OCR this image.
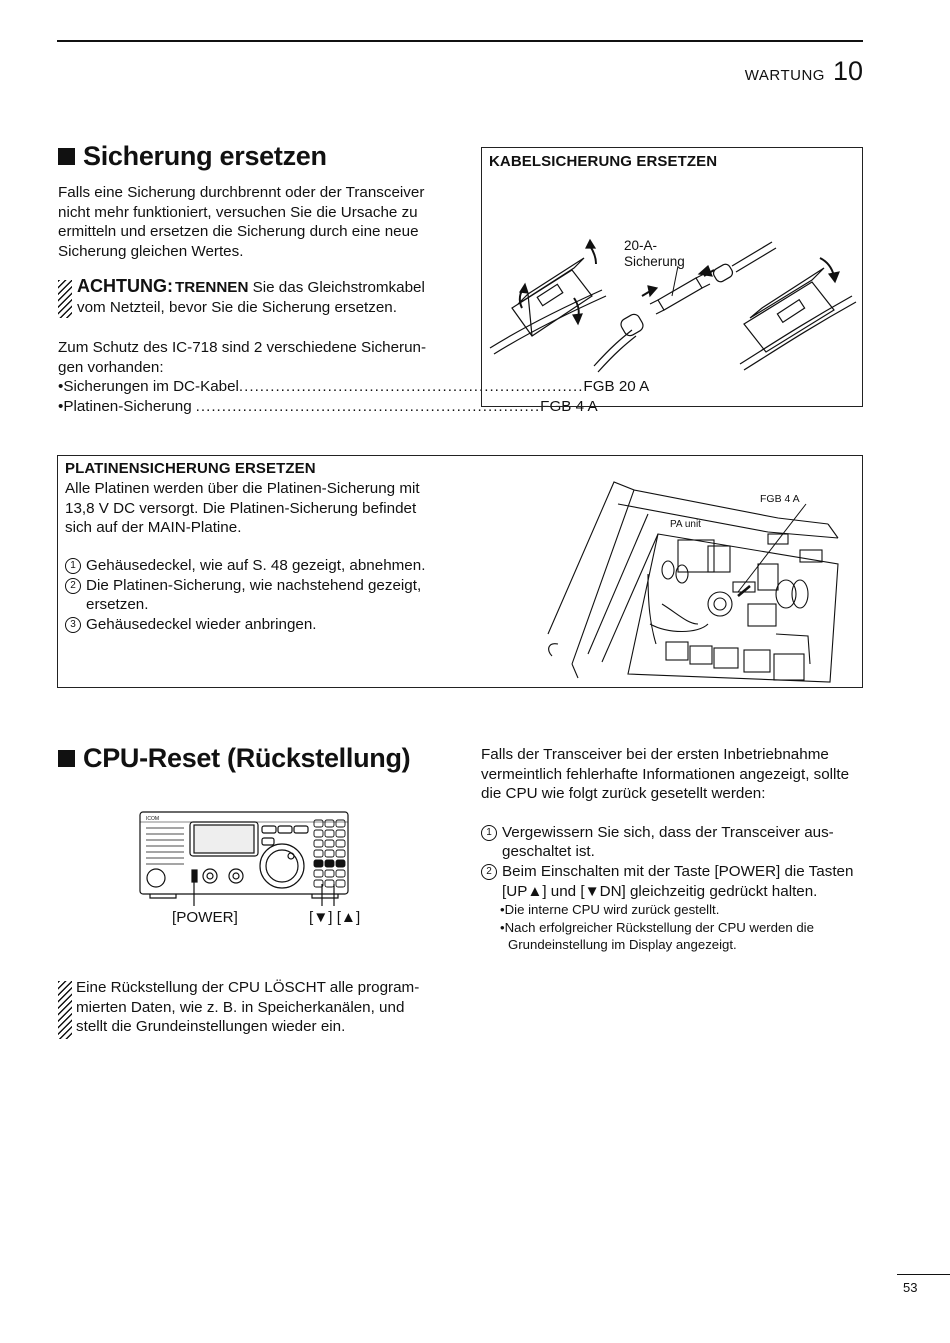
WARTUNG 10
Sicherung ersetzen

Falls eine Sicherung durchbrennt oder der Transceiver

nicht mehr funktioniert, versuchen Sie die Ursache zu

ermitteln und ersetzen die Sicherung durch eine neue

Sicherung gleichen Wertes.

ACHTUNG: TRENNEN Sie das Gleichstromkabel
vom Netzteil, bevor Sie die Sicherung ersetzen.

Zum Schutz des IC-718 sind 2 verschiedene Sicherun-

gen vorhanden:

• Sicherungen im DC-Kabel .................................................................. FGB 20 A
• Platinen-Sicherung .................................................................. FGB 4 A
KABELSICHERUNG ERSETZEN
20-A-
Sicherung
PLATINENSICHERUNG ERSETZEN

Alle Platinen werden über die Platinen-Sicherung mit

13,8 V DC versorgt. Die Platinen-Sicherung befindet

sich auf der MAIN-Platine.

1 Gehäusedeckel, wie auf S. 48 gezeigt, abnehmen.
2 Die Platinen-Sicherung, wie nachstehend gezeigt,
ersetzen.
3 Gehäusedeckel wieder anbringen.
FGB 4 A
PA unit
CPU-Reset (Rückstellung)
ICOM
[POWER]	[▼] [▲]

Eine Rückstellung der CPU LÖSCHT alle program-

mierten Daten, wie z. B. in Speicherkanälen, und

stellt die Grundeinstellungen wieder ein.

Falls der Transceiver bei der ersten Inbetriebnahme

vermeintlich fehlerhafte Informationen angezeigt, sollte

die CPU wie folgt zurück gesetellt werden:

1 Vergewissern Sie sich, dass der Transceiver aus-
geschaltet ist.
2 Beim Einschalten mit der Taste [POWER] die Tasten
[UP▲] und [▼DN] gleichzeitig gedrückt halten.
•Die interne CPU wird zurück gestellt.
•Nach erfolgreicher Rückstellung der CPU werden die
Grundeinstellung im Display angezeigt.
53
